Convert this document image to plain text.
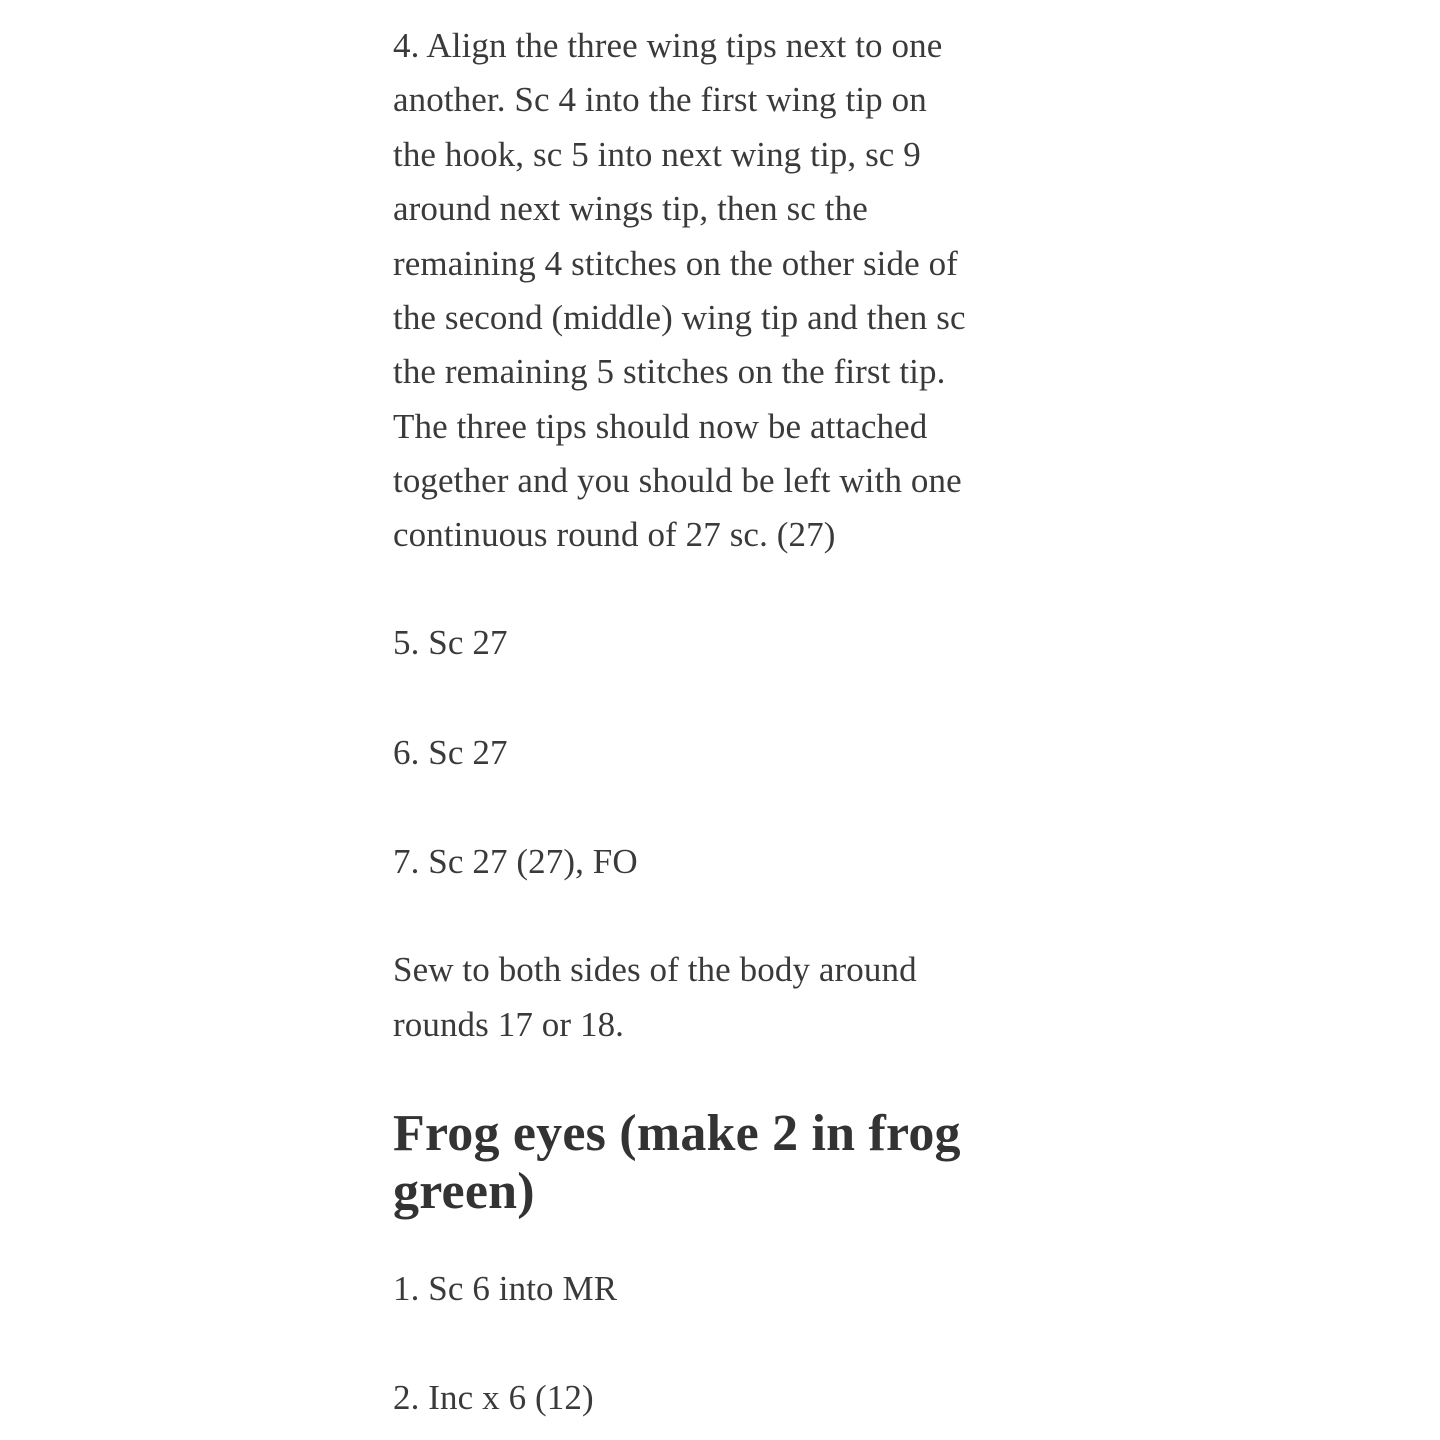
4. Align the three wing tips next to one
another. Sc 4 into the first wing tip on
the hook, sc 5 into next wing tip, sc 9
around next wings tip, then sc the
remaining 4 stitches on the other side of
the second (middle) wing tip and then sc
the remaining 5 stitches on the first tip.
The three tips should now be attached
together and you should be left with one
continuous round of 27 sc. (27)
5. Sc 27
6. Sc 27
7. Sc 27 (27), FO
Sew to both sides of the body around
rounds 17 or 18.
Frog eyes (make 2 in frog
green)
1. Sc 6 into MR
2. Inc x 6 (12)
